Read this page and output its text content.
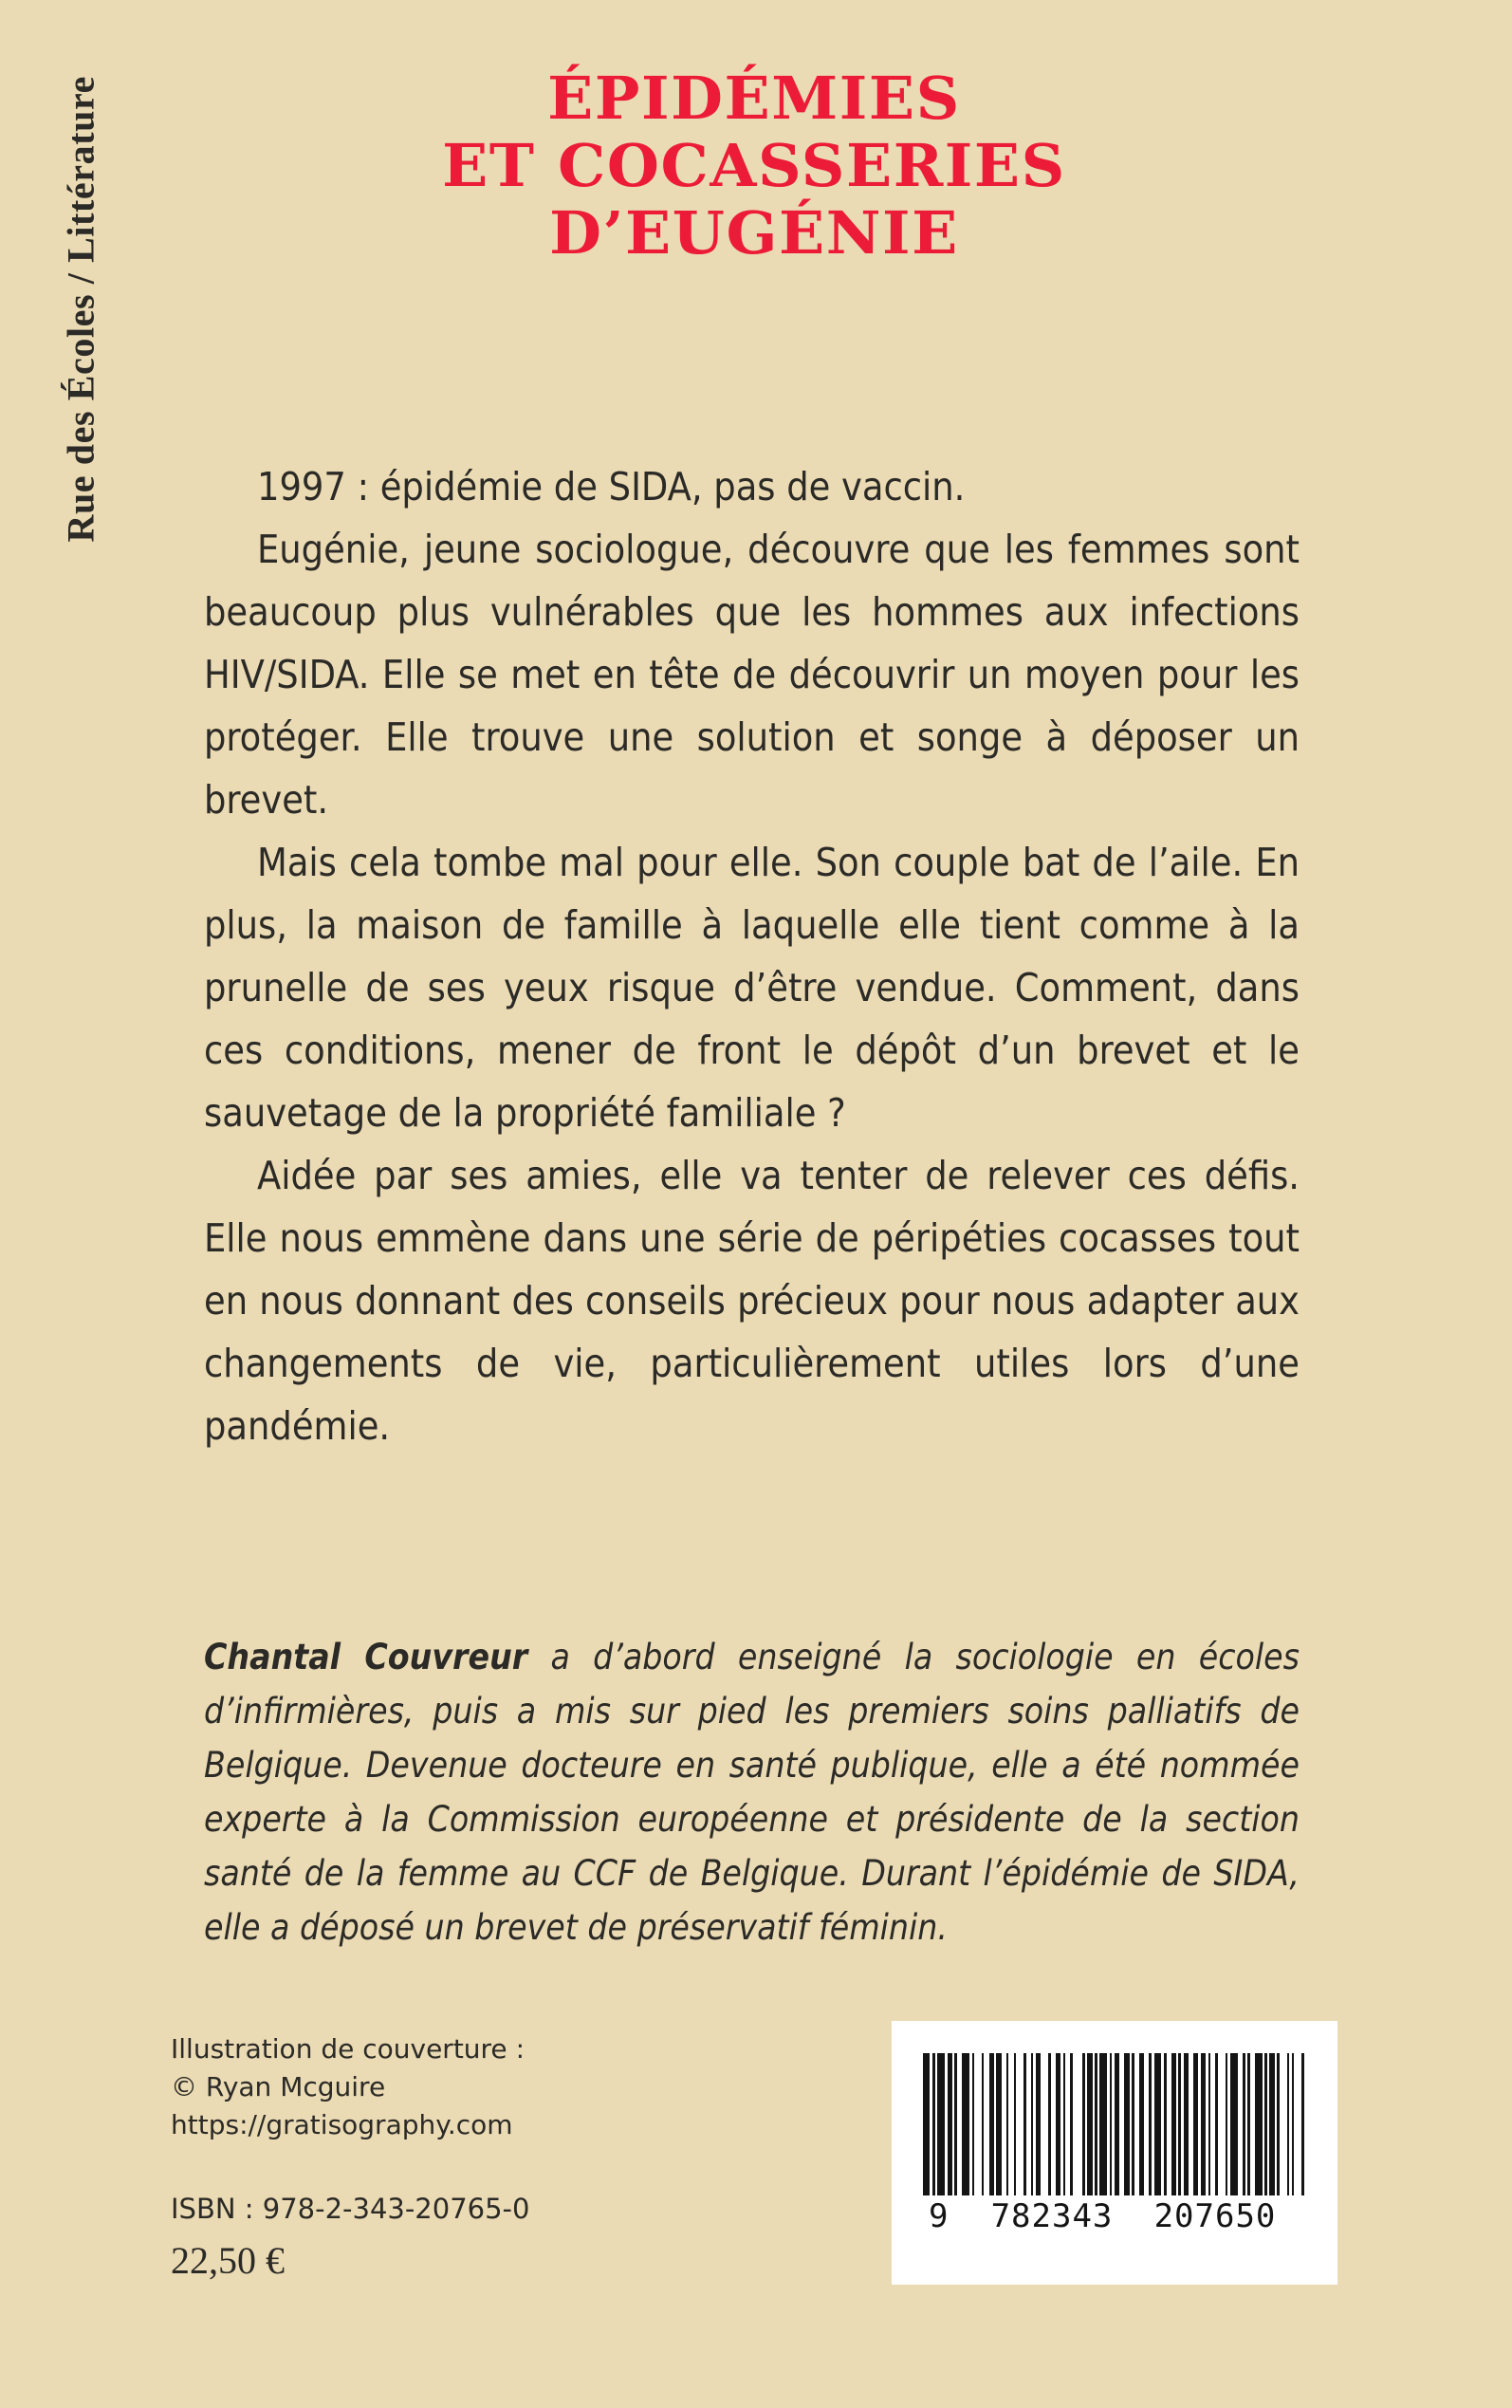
Rue des Écoles / Littérature	ÉPIDÉMIES
ET COCASSERIES
D’EUGÉNIE

1997 : épidémie de SIDA, pas de vaccin.

Eugénie, jeune sociologue, découvre que les femmes sont beaucoup plus vulnérables que les hommes aux infections HIV/SIDA. Elle se met en tête de découvrir un moyen pour les protéger. Elle trouve une solution et songe à déposer un brevet.

Mais cela tombe mal pour elle. Son couple bat de l’aile. En plus, la maison de famille à laquelle elle tient comme à la prunelle de ses yeux risque d’être vendue. Comment, dans ces conditions, mener de front le dépôt d’un brevet et le sauvetage de la propriété familiale ?

Aidée par ses amies, elle va tenter de relever ces défis. Elle nous emmène dans une série de péripéties cocasses tout en nous donnant des conseils précieux pour nous adapter aux changements de vie, particulièrement utiles lors d’une pandémie.

Chantal Couvreur a d’abord enseigné la sociologie en écoles d’infirmières, puis a mis sur pied les premiers soins palliatifs de Belgique. Devenue docteure en santé publique, elle a été nommée experte à la Commission européenne et présidente de la section santé de la femme au CCF de Belgique. Durant l’épidémie de SIDA, elle a déposé un brevet de préservatif féminin.

Illustration de couverture :

© Ryan Mcguire

https://gratisography.com

ISBN : 978-2-343-20765-0

22,50 €

9	782343	207650
